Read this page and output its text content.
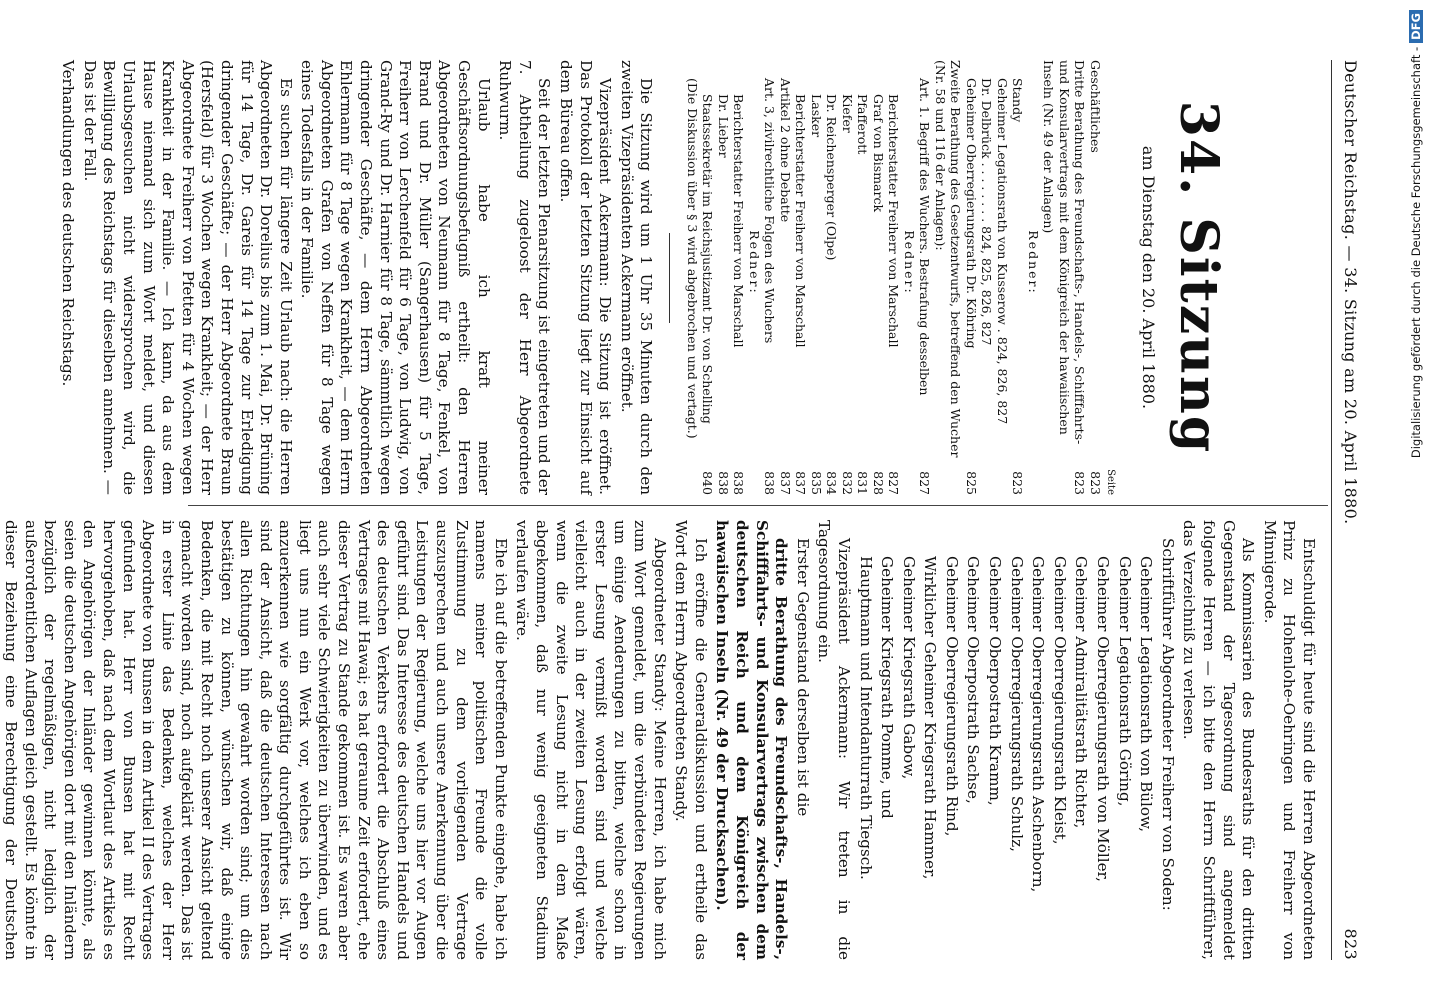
Deutscher Reichstag. — 34. Sitzung am 20. April 1880.
823
34. Sitzung
am Dienstag den 20. April 1880.
Seite
Geschäftliches
823
Dritte Berathung des Freundschafts-, Handels-, Schifffahrts- und Konsularvertrags mit dem Königreich der hawaiischen Inseln (Nr. 49 der Anlagen)
823
Redner:
Standy
823
Geheimer Legationsrath von Kusserow . 824, 826, 827
Dr. Delbrück . . . . . . . . 824, 825, 826, 827
Geheimer Oberregierungsrath Dr. Köhring
825
Zweite Berathung des Gesetzentwurfs, betreffend den Wucher (Nr. 58 und 116 der Anlagen):
Art. 1. Begriff des Wuchers. Bestrafung desselben
827
Redner:
Berichterstatter Freiherr von Marschall
827
Graf von Bismarck
828
Pfafferott
831
Kiefer
832
Dr. Reichensperger (Olpe)
834
Lasker
835
Berichterstatter Freiherr von Marschall
837
Artikel 2 ohne Debatte
837
Art. 3, zivilrechtliche Folgen des Wuchers
838
Redner:
Berichterstatter Freiherr von Marschall
838
Dr. Lieber
838
Staatssekretär im Reichsjustizamt Dr. von Schelling
840
(Die Diskussion über § 3 wird abgebrochen und vertagt.)

Die Sitzung wird um 1 Uhr 35 Minuten durch den zweiten Vizepräsidenten Ackermann eröffnet.

Vizepräsident Ackermann: Die Sitzung ist eröffnet. Das Protokoll der letzten Sitzung liegt zur Einsicht auf dem Büreau offen.

Seit der letzten Plenarsitzung ist eingetreten und der 7. Abtheilung zugeloost der Herr Abgeordnete Ruhwurm.

Urlaub habe ich kraft meiner Geschäftsordnungsbefugniß ertheilt: den Herren Abgeordneten von Neumann für 8 Tage, Fenkel, von Brand und Dr. Müller (Sangerhausen) für 5 Tage, Freiherr von Lerchenfeld für 6 Tage, von Ludwig, von Grand-Ry und Dr. Harnier für 8 Tage, sämmtlich wegen dringender Geschäfte, — dem Herrn Abgeordneten Ehlermann für 8 Tage wegen Krankheit, — dem Herrn Abgeordneten Grafen von Neffen für 8 Tage wegen eines Todesfalls in der Familie.

Es suchen für längere Zeit Urlaub nach: die Herren Abgeordneten Dr. Dorelius bis zum 1. Mai, Dr. Brüning für 14 Tage, Dr. Gareis für 14 Tage zur Erledigung dringender Geschäfte; — der Herr Abgeordnete Braun (Hersfeld) für 3 Wochen wegen Krankheit; — der Herr Abgeordnete Freiherr von Pfetten für 4 Wochen wegen Krankheit in der Familie. — Ich kann, da aus dem Hause niemand sich zum Wort meldet, und diesen Urlaubsgesuchen nicht widersprochen wird, die Bewilligung des Reichstags für dieselben annehmen. — Das ist der Fall.

Verhandlungen des deutschen Reichstags.

Entschuldigt für heute sind die Herren Abgeordneten Prinz zu Hohenlohe-Oehringen und Freiherr von Minnigerode.

Als Kommissarien des Bundesraths für den dritten Gegenstand der Tagesordnung sind angemeldet folgende Herren — ich bitte den Herrn Schriftführer, das Verzeichniß zu verlesen.

Schriftführer Abgeordneter Freiherr von Soden:

Geheimer Legationsrath von Bülow,

Geheimer Legationsrath Göring,

Geheimer Oberregierungsrath von Möller,

Geheimer Admiralitätsrath Richter,

Geheimer Oberregierungsrath Kleist,

Geheimer Oberregierungsrath Aschenborn,

Geheimer Oberregierungsrath Schulz,

Geheimer Oberpostrath Kramm,

Geheimer Oberpostrath Sachse,

Geheimer Oberregierungsrath Rind,

Wirklicher Geheimer Kriegsrath Hammer,

Geheimer Kriegsrath Gabow,

Geheimer Kriegsrath Pomme, und

Hauptmann und Intendanturrath Tiegsch.

Vizepräsident Ackermann: Wir treten in die Tagesordnung ein.

Erster Gegenstand derselben ist die

dritte Berathung des Freundschafts-, Handels-, Schifffahrts- und Konsularvertrags zwischen dem deutschen Reich und dem Königreich der hawaiischen Inseln (Nr. 49 der Drucksachen).

Ich eröffne die Generaldiskussion und ertheile das Wort dem Herrn Abgeordneten Standy.

Abgeordneter Standy: Meine Herren, ich habe mich zum Wort gemeldet, um die verbündeten Regierungen um einige Aenderungen zu bitten, welche schon in erster Lesung vermißt worden sind und welche vielleicht auch in der zweiten Lesung erfolgt wären, wenn die zweite Lesung nicht in dem Maße abgekommen, daß nur wenig geeigneten Stadium verlaufen wäre.

Ehe ich auf die betreffenden Punkte eingehe, habe ich namens meiner politischen Freunde die volle Zustimmung zu dem vorliegenden Vertrage auszusprechen und auch unsere Anerkennung über die Leistungen der Regierung, welche uns hier vor Augen geführt sind. Das Interesse des deutschen Handels und des deutschen Verkehrs erfordert die Abschluß eines Vertrages mit Hawai; es hat geraume Zeit erfordert, ehe dieser Vertrag zu Stande gekommen ist. Es waren aber auch sehr viele Schwierigkeiten zu überwinden, und es liegt uns nun ein Werk vor, welches ich eben so anzuerkennen wie sorgfältig durchgeführtes ist. Wir sind der Ansicht, daß die deutschen Interessen nach allen Richtungen hin gewahrt worden sind; um dies bestätigen zu können, wünschen wir, daß einige Bedenken, die mit Recht noch unserer Ansicht geltend gemacht worden sind, noch aufgeklärt werden. Das ist in erster Linie das Bedenken, welches der Herr Abgeordnete von Bunsen in dem Artikel II des Vertrages gefunden hat. Herr von Bunsen hat mit Recht hervorgehoben, daß nach dem Wortlaut des Artikels es den Angehörigen der Inländer gewinnen könnte, als seien die deutschen Angehörigen dort mit den Inländern bezüglich der regelmäßigen, nicht lediglich der außerordentlichen Auflagen gleich gestellt. Es könnte in dieser Beziehung eine Berechtigung der Deutschen

Digitalisierung gefördert durch die Deutsche Forschungsgemeinschaft -DFG
